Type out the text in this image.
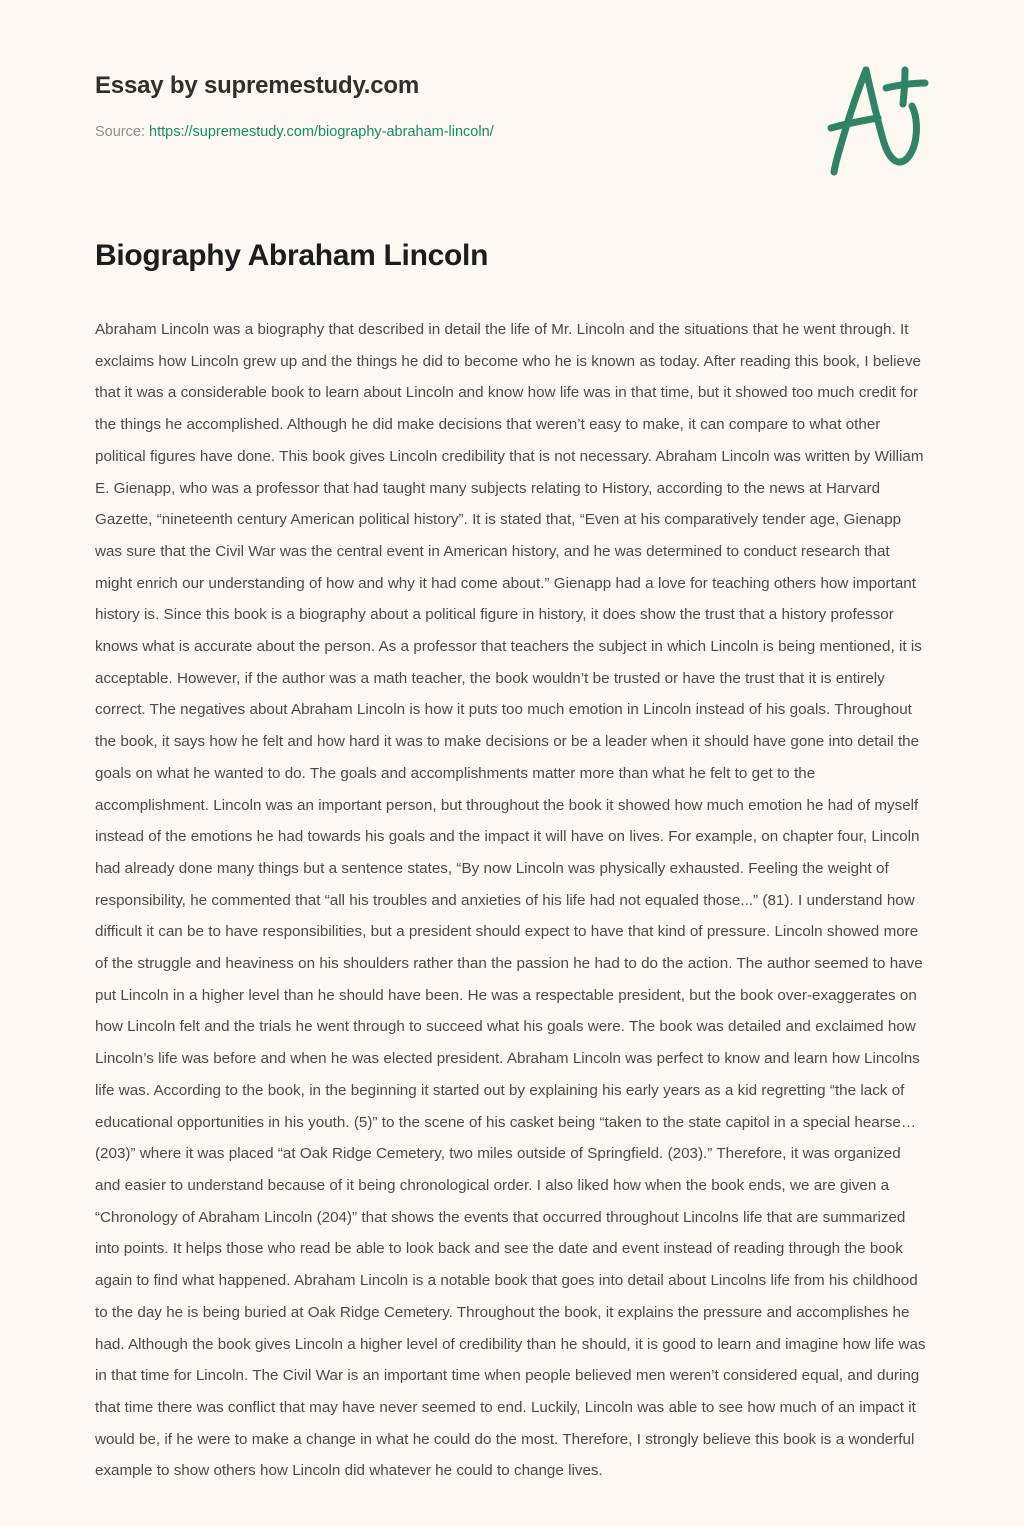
Essay by supremestudy.com

Source: https://supremestudy.com/biography-abraham-lincoln/

Biography Abraham Lincoln

Abraham Lincoln was a biography that described in detail the life of Mr. Lincoln and the situations that he went through. It exclaims how Lincoln grew up and the things he did to become who he is known as today. After reading this book, I believe that it was a considerable book to learn about Lincoln and know how life was in that time, but it showed too much credit for the things he accomplished. Although he did make decisions that weren’t easy to make, it can compare to what other political figures have done. This book gives Lincoln credibility that is not necessary. Abraham Lincoln was written by William E. Gienapp, who was a professor that had taught many subjects relating to History, according to the news at Harvard Gazette, “nineteenth century American political history”. It is stated that, “Even at his comparatively tender age, Gienapp was sure that the Civil War was the central event in American history, and he was determined to conduct research that might enrich our understanding of how and why it had come about.” Gienapp had a love for teaching others how important history is. Since this book is a biography about a political figure in history, it does show the trust that a history professor knows what is accurate about the person. As a professor that teachers the subject in which Lincoln is being mentioned, it is acceptable. However, if the author was a math teacher, the book wouldn’t be trusted or have the trust that it is entirely correct. The negatives about Abraham Lincoln is how it puts too much emotion in Lincoln instead of his goals. Throughout the book, it says how he felt and how hard it was to make decisions or be a leader when it should have gone into detail the goals on what he wanted to do. The goals and accomplishments matter more than what he felt to get to the accomplishment. Lincoln was an important person, but throughout the book it showed how much emotion he had of myself instead of the emotions he had towards his goals and the impact it will have on lives. For example, on chapter four, Lincoln had already done many things but a sentence states, “By now Lincoln was physically exhausted. Feeling the weight of responsibility, he commented that “all his troubles and anxieties of his life had not equaled those...” (81). I understand how difficult it can be to have responsibilities, but a president should expect to have that kind of pressure. Lincoln showed more of the struggle and heaviness on his shoulders rather than the passion he had to do the action. The author seemed to have put Lincoln in a higher level than he should have been. He was a respectable president, but the book over-exaggerates on how Lincoln felt and the trials he went through to succeed what his goals were. The book was detailed and exclaimed how Lincoln’s life was before and when he was elected president. Abraham Lincoln was perfect to know and learn how Lincolns life was. According to the book, in the beginning it started out by explaining his early years as a kid regretting “the lack of educational opportunities in his youth. (5)” to the scene of his casket being “taken to the state capitol in a special hearse… (203)” where it was placed “at Oak Ridge Cemetery, two miles outside of Springfield. (203).” Therefore, it was organized and easier to understand because of it being chronological order. I also liked how when the book ends, we are given a “Chronology of Abraham Lincoln (204)” that shows the events that occurred throughout Lincolns life that are summarized into points. It helps those who read be able to look back and see the date and event instead of reading through the book again to find what happened. Abraham Lincoln is a notable book that goes into detail about Lincolns life from his childhood to the day he is being buried at Oak Ridge Cemetery. Throughout the book, it explains the pressure and accomplishes he had. Although the book gives Lincoln a higher level of credibility than he should, it is good to learn and imagine how life was in that time for Lincoln. The Civil War is an important time when people believed men weren’t considered equal, and during that time there was conflict that may have never seemed to end. Luckily, Lincoln was able to see how much of an impact it would be, if he were to make a change in what he could do the most. Therefore, I strongly believe this book is a wonderful example to show others how Lincoln did whatever he could to change lives.
